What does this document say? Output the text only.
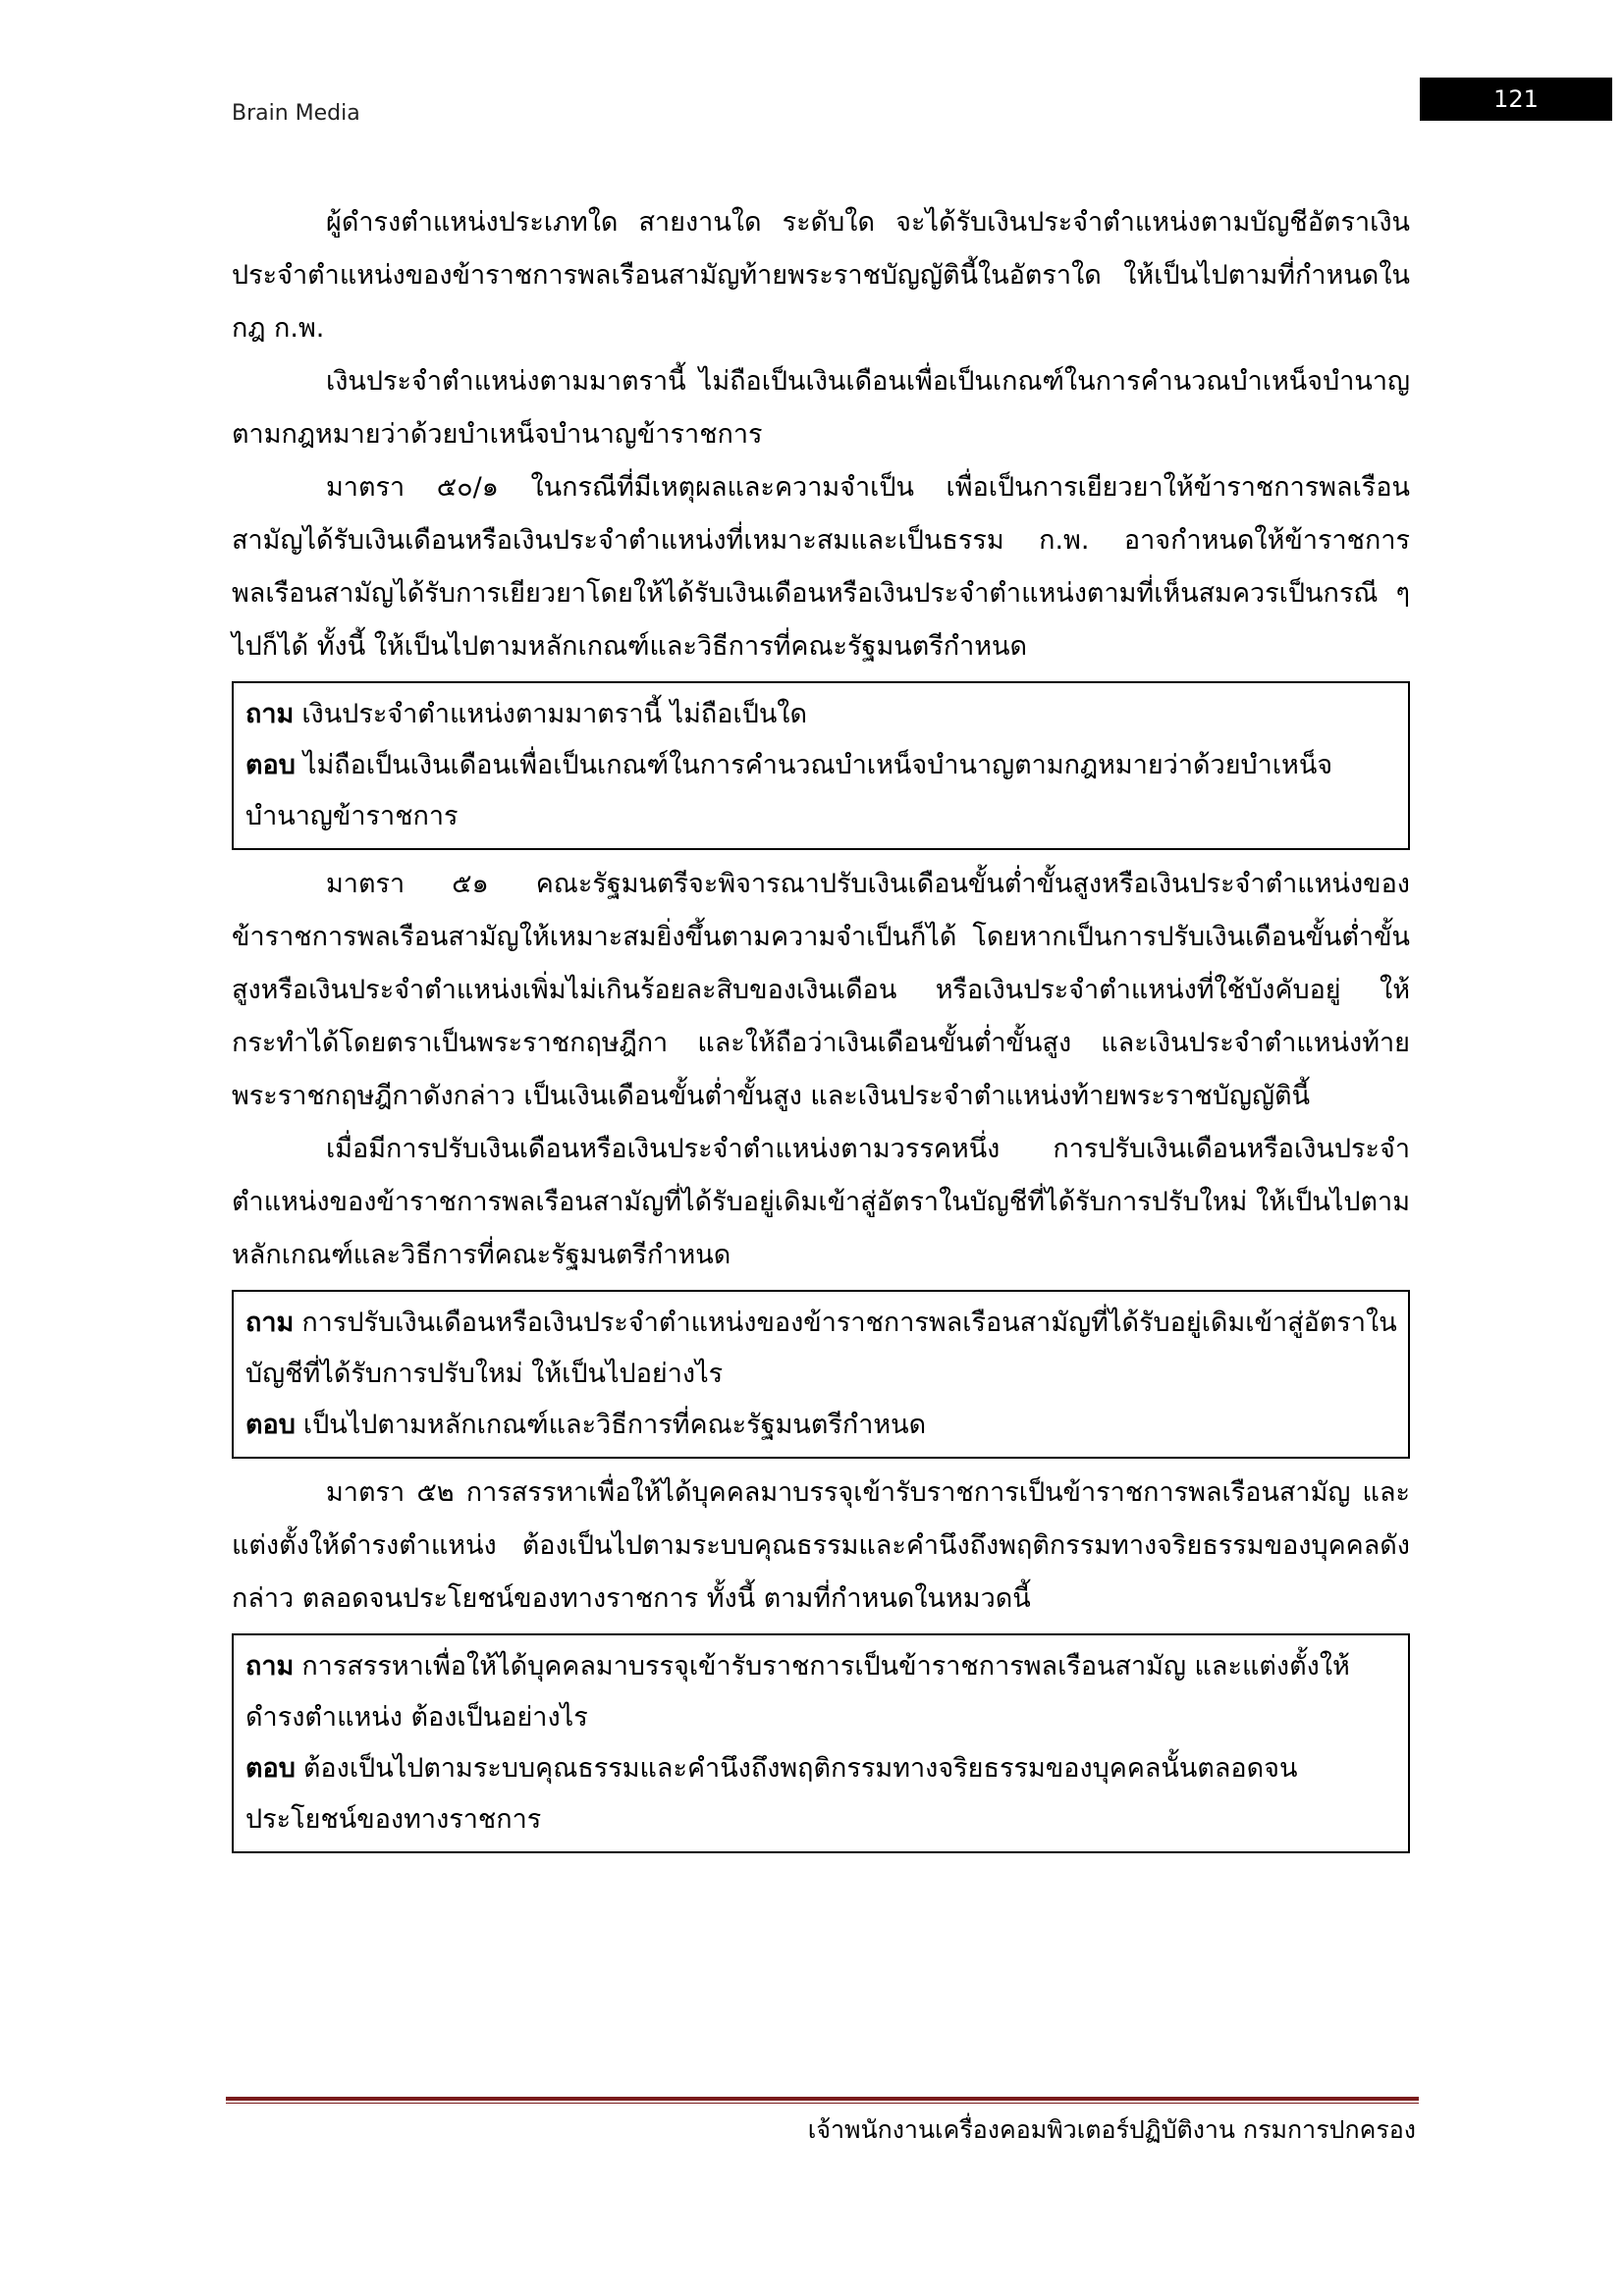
Brain Media
121

ผู้ดำรงตำแหน่งประเภทใด สายงานใด ระดับใด จะได้รับเงินประจำตำแหน่งตามบัญชีอัตราเงินประจำตำแหน่งของข้าราชการพลเรือนสามัญท้ายพระราชบัญญัตินี้ในอัตราใด ให้เป็นไปตามที่กำหนดในกฎ ก.พ.

เงินประจำตำแหน่งตามมาตรานี้ ไม่ถือเป็นเงินเดือนเพื่อเป็นเกณฑ์ในการคำนวณบำเหน็จบำนาญตามกฎหมายว่าด้วยบำเหน็จบำนาญข้าราชการ

มาตรา ๕๐/๑ ในกรณีที่มีเหตุผลและความจำเป็น เพื่อเป็นการเยียวยาให้ข้าราชการพลเรือนสามัญได้รับเงินเดือนหรือเงินประจำตำแหน่งที่เหมาะสมและเป็นธรรม ก.พ. อาจกำหนดให้ข้าราชการพลเรือนสามัญได้รับการเยียวยาโดยให้ได้รับเงินเดือนหรือเงินประจำตำแหน่งตามที่เห็นสมควรเป็นกรณี ๆ ไปก็ได้ ทั้งนี้ ให้เป็นไปตามหลักเกณฑ์และวิธีการที่คณะรัฐมนตรีกำหนด

ถาม เงินประจำตำแหน่งตามมาตรานี้ ไม่ถือเป็นใด

ตอบ ไม่ถือเป็นเงินเดือนเพื่อเป็นเกณฑ์ในการคำนวณบำเหน็จบำนาญตามกฎหมายว่าด้วยบำเหน็จบำนาญข้าราชการ

มาตรา ๕๑ คณะรัฐมนตรีจะพิจารณาปรับเงินเดือนขั้นต่ำขั้นสูงหรือเงินประจำตำแหน่งของข้าราชการพลเรือนสามัญให้เหมาะสมยิ่งขึ้นตามความจำเป็นก็ได้ โดยหากเป็นการปรับเงินเดือนขั้นต่ำขั้นสูงหรือเงินประจำตำแหน่งเพิ่มไม่เกินร้อยละสิบของเงินเดือน หรือเงินประจำตำแหน่งที่ใช้บังคับอยู่ ให้กระทำได้โดยตราเป็นพระราชกฤษฎีกา และให้ถือว่าเงินเดือนขั้นต่ำขั้นสูง และเงินประจำตำแหน่งท้ายพระราชกฤษฎีกาดังกล่าว เป็นเงินเดือนขั้นต่ำขั้นสูง และเงินประจำตำแหน่งท้ายพระราชบัญญัตินี้

เมื่อมีการปรับเงินเดือนหรือเงินประจำตำแหน่งตามวรรคหนึ่ง การปรับเงินเดือนหรือเงินประจำตำแหน่งของข้าราชการพลเรือนสามัญที่ได้รับอยู่เดิมเข้าสู่อัตราในบัญชีที่ได้รับการปรับใหม่ ให้เป็นไปตามหลักเกณฑ์และวิธีการที่คณะรัฐมนตรีกำหนด

ถาม การปรับเงินเดือนหรือเงินประจำตำแหน่งของข้าราชการพลเรือนสามัญที่ได้รับอยู่เดิมเข้าสู่อัตราในบัญชีที่ได้รับการปรับใหม่ ให้เป็นไปอย่างไร

ตอบ เป็นไปตามหลักเกณฑ์และวิธีการที่คณะรัฐมนตรีกำหนด

มาตรา ๕๒ การสรรหาเพื่อให้ได้บุคคลมาบรรจุเข้ารับราชการเป็นข้าราชการพลเรือนสามัญ และแต่งตั้งให้ดำรงตำแหน่ง ต้องเป็นไปตามระบบคุณธรรมและคำนึงถึงพฤติกรรมทางจริยธรรมของบุคคลดังกล่าว ตลอดจนประโยชน์ของทางราชการ ทั้งนี้ ตามที่กำหนดในหมวดนี้

ถาม การสรรหาเพื่อให้ได้บุคคลมาบรรจุเข้ารับราชการเป็นข้าราชการพลเรือนสามัญ และแต่งตั้งให้ดำรงตำแหน่ง ต้องเป็นอย่างไร

ตอบ ต้องเป็นไปตามระบบคุณธรรมและคำนึงถึงพฤติกรรมทางจริยธรรมของบุคคลนั้นตลอดจนประโยชน์ของทางราชการ

เจ้าพนักงานเครื่องคอมพิวเตอร์ปฏิบัติงาน กรมการปกครอง
